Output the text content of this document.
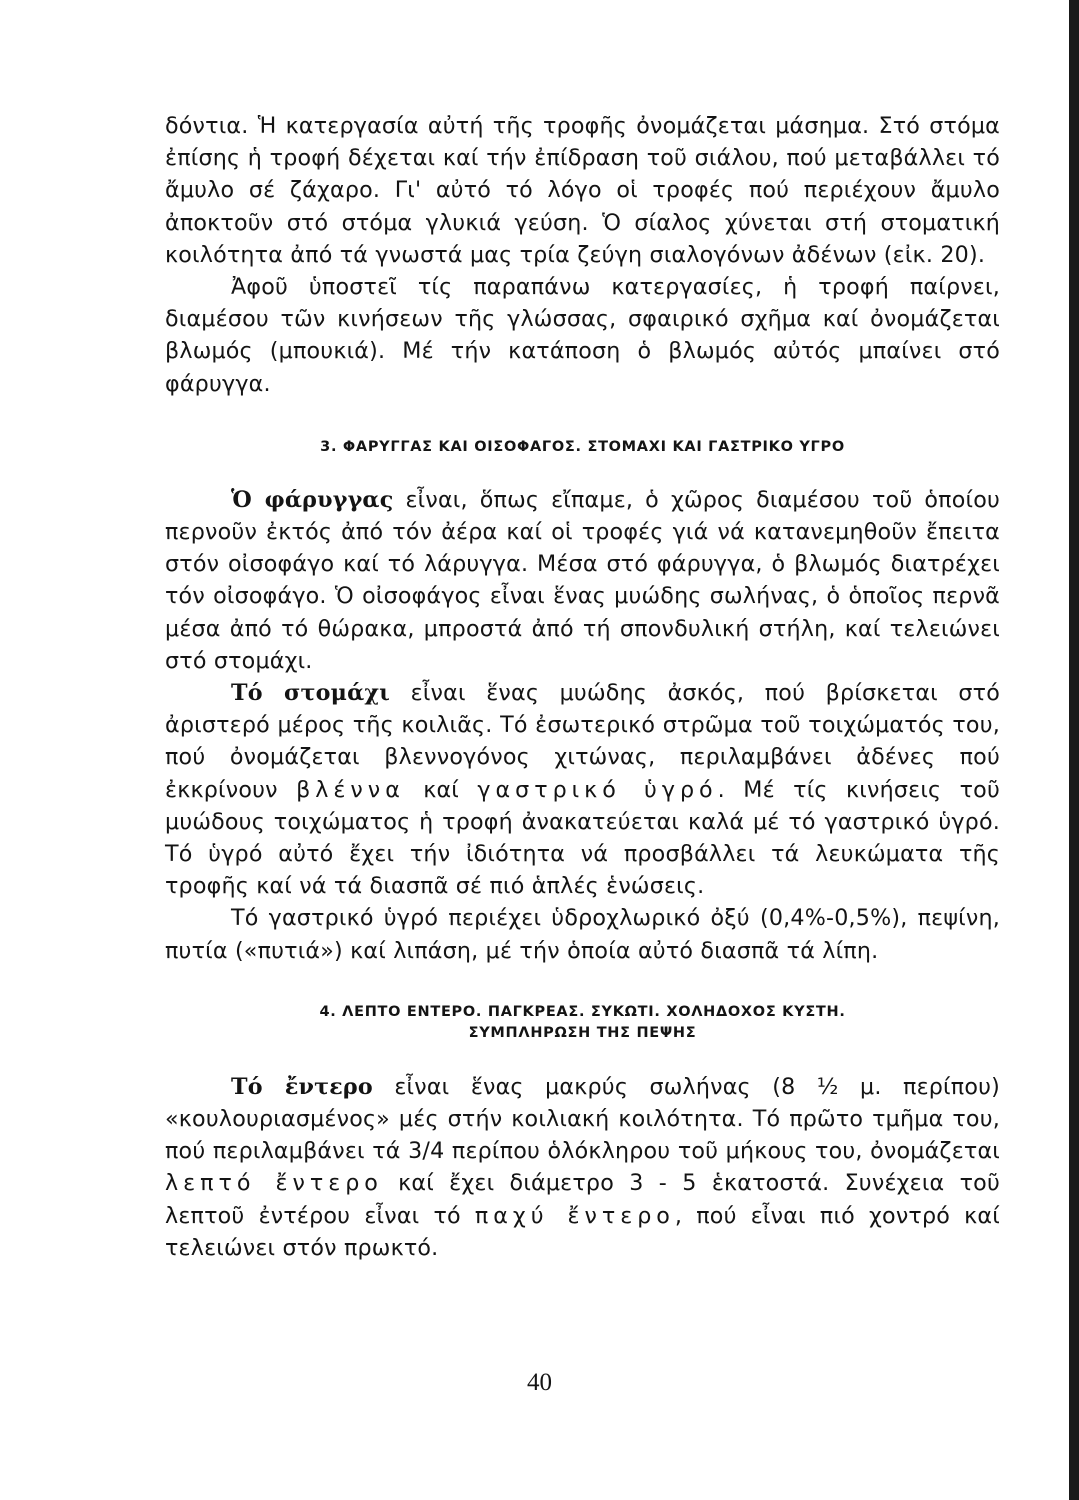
δόντια. Ἡ κατεργασία αὐτή τῆς τροφῆς ὀνομάζεται μάσημα. Στό στόμα ἐπίσης ἡ τροφή δέχεται καί τήν ἐπίδραση τοῦ σιάλου, πού μεταβάλλει τό ἄμυλο σέ ζάχαρο. Γι' αὐτό τό λόγο οἱ τροφές πού περιέχουν ἄμυλο ἀποκτοῦν στό στόμα γλυκιά γεύση. Ὁ σίαλος χύνεται στή στοματική κοιλότητα ἀπό τά γνωστά μας τρία ζεύγη σιαλογόνων ἀδένων (εἰκ. 20).

Ἀφοῦ ὑποστεῖ τίς παραπάνω κατεργασίες, ἡ τροφή παίρνει, διαμέσου τῶν κινήσεων τῆς γλώσσας, σφαιρικό σχῆμα καί ὀνομάζεται βλωμός (μπουκιά). Μέ τήν κατάποση ὁ βλωμός αὐτός μπαίνει στό φάρυγγα.

3. ΦΑΡΥΓΓΑΣ ΚΑΙ ΟΙΣΟΦΑΓΟΣ. ΣΤΟΜΑΧΙ ΚΑΙ ΓΑΣΤΡΙΚΟ ΥΓΡΟ

Ὁ φάρυγγας εἶναι, ὅπως εἴπαμε, ὁ χῶρος διαμέσου τοῦ ὁποίου περνοῦν ἐκτός ἀπό τόν ἀέρα καί οἱ τροφές γιά νά κατανεμηθοῦν ἔπειτα στόν οἰσοφάγο καί τό λάρυγγα. Μέσα στό φάρυγγα, ὁ βλωμός διατρέχει τόν οἰσοφάγο. Ὁ οἰσοφάγος εἶναι ἕνας μυώδης σωλήνας, ὁ ὁποῖος περνᾶ μέσα ἀπό τό θώρακα, μπροστά ἀπό τή σπονδυλική στήλη, καί τελειώνει στό στομάχι.

Τό στομάχι εἶναι ἕνας μυώδης ἀσκός, πού βρίσκεται στό ἀριστερό μέρος τῆς κοιλιᾶς. Τό ἐσωτερικό στρῶμα τοῦ τοιχώματός του, πού ὀνομάζεται βλεννογόνος χιτώνας, περιλαμβάνει ἀδένες πού ἐκκρίνουν βλέννα καί γαστρικό ὑγρό. Μέ τίς κινήσεις τοῦ μυώδους τοιχώματος ἡ τροφή ἀνακατεύεται καλά μέ τό γαστρικό ὑγρό. Τό ὑγρό αὐτό ἔχει τήν ἰδιότητα νά προσβάλλει τά λευκώματα τῆς τροφῆς καί νά τά διασπᾶ σέ πιό ἁπλές ἑνώσεις.

Τό γαστρικό ὑγρό περιέχει ὑδροχλωρικό ὀξύ (0,4%-0,5%), πεψίνη, πυτία («πυτιά») καί λιπάση, μέ τήν ὁποία αὐτό διασπᾶ τά λίπη.

4. ΛΕΠΤΟ ΕΝΤΕΡΟ. ΠΑΓΚΡΕΑΣ. ΣΥΚΩΤΙ. ΧΟΛΗΔΟΧΟΣ ΚΥΣΤΗ.
ΣΥΜΠΛΗΡΩΣΗ ΤΗΣ ΠΕΨΗΣ

Τό ἔντερο εἶναι ἕνας μακρύς σωλήνας (8 ½ μ. περίπου) «κουλουριασμένος» μές στήν κοιλιακή κοιλότητα. Τό πρῶτο τμῆμα του, πού περιλαμβάνει τά 3/4 περίπου ὁλόκληρου τοῦ μήκους του, ὀνομάζεται λεπτό ἔντερο καί ἔχει διάμετρο 3 - 5 ἑκατοστά. Συνέχεια τοῦ λεπτοῦ ἐντέρου εἶναι τό παχύ ἔντερο, πού εἶναι πιό χοντρό καί τελειώνει στόν πρωκτό.

40
